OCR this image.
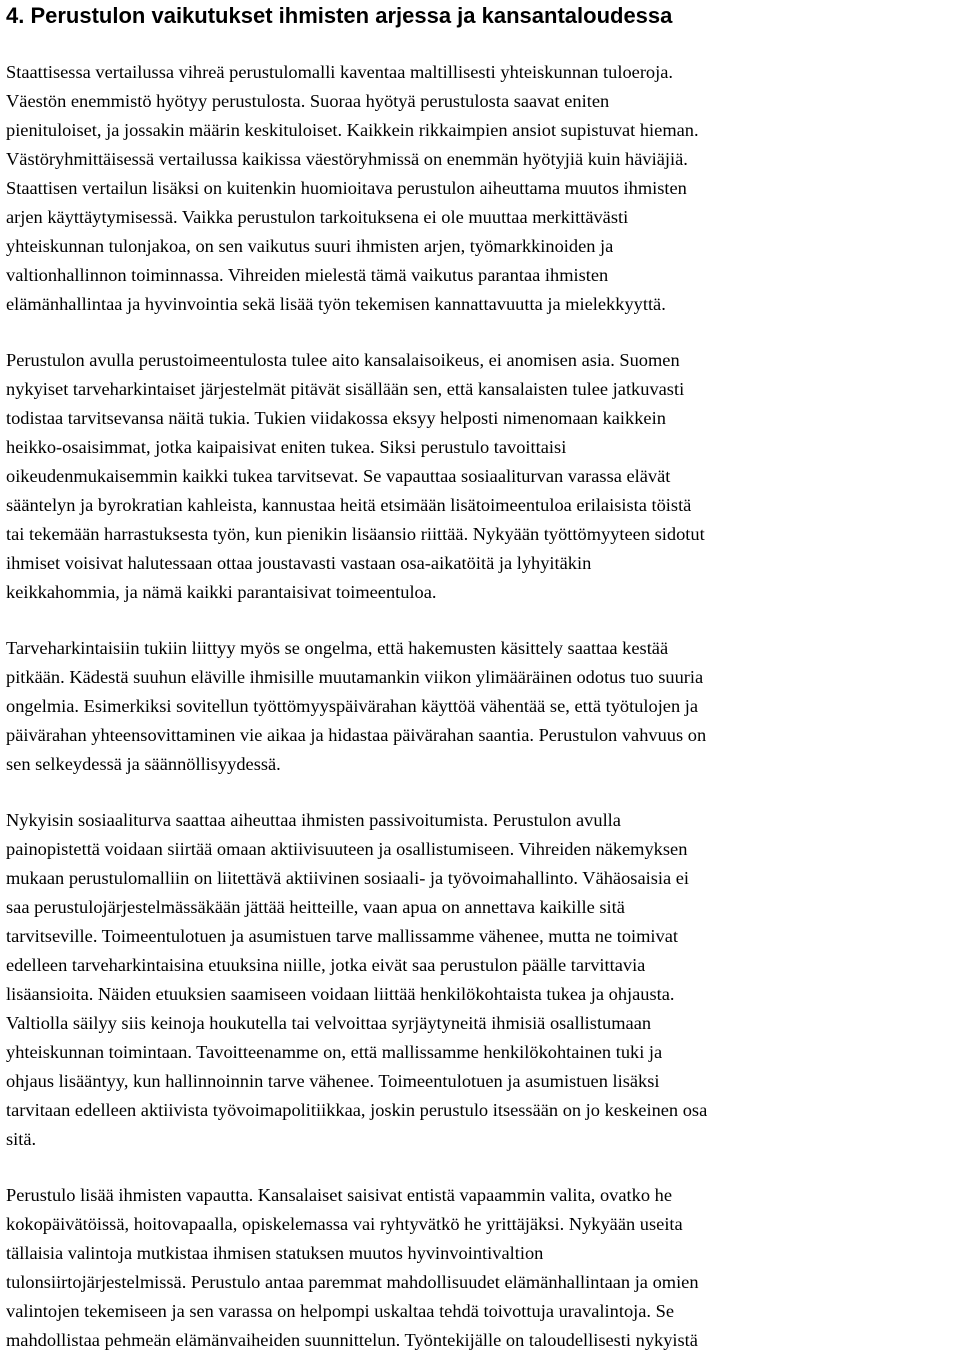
4. Perustulon vaikutukset ihmisten arjessa ja kansantaloudessa
Staattisessa vertailussa vihreä perustulomalli kaventaa maltillisesti yhteiskunnan tuloeroja.
Väestön enemmistö hyötyy perustulosta. Suoraa hyötyä perustulosta saavat eniten
pienituloiset, ja jossakin määrin keskituloiset. Kaikkein rikkaimpien ansiot supistuvat hieman.
Västöryhmittäisessä vertailussa kaikissa väestöryhmissä on enemmän hyötyjiä kuin häviäjiä.
Staattisen vertailun lisäksi on kuitenkin huomioitava perustulon aiheuttama muutos ihmisten
arjen käyttäytymisessä. Vaikka perustulon tarkoituksena ei ole muuttaa merkittävästi
yhteiskunnan tulonjakoa, on sen vaikutus suuri ihmisten arjen, työmarkkinoiden ja
valtionhallinnon toiminnassa. Vihreiden mielestä tämä vaikutus parantaa ihmisten
elämänhallintaa ja hyvinvointia sekä lisää työn tekemisen kannattavuutta ja mielekkyyttä.
Perustulon avulla perustoimeentulosta tulee aito kansalaisoikeus, ei anomisen asia. Suomen
nykyiset tarveharkintaiset järjestelmät pitävät sisällään sen, että kansalaisten tulee jatkuvasti
todistaa tarvitsevansa näitä tukia. Tukien viidakossa eksyy helposti nimenomaan kaikkein
heikko-osaisimmat, jotka kaipaisivat eniten tukea. Siksi perustulo tavoittaisi
oikeudenmukaisemmin kaikki tukea tarvitsevat. Se vapauttaa sosiaaliturvan varassa elävät
sääntelyn ja byrokratian kahleista, kannustaa heitä etsimään lisätoimeentuloa erilaisista töistä
tai tekemään harrastuksesta työn, kun pienikin lisäansio riittää. Nykyään työttömyyteen sidotut
ihmiset voisivat halutessaan ottaa joustavasti vastaan osa-aikatöitä ja lyhyitäkin
keikkahommia, ja nämä kaikki parantaisivat toimeentuloa.
Tarveharkintaisiin tukiin liittyy myös se ongelma, että hakemusten käsittely saattaa kestää
pitkään. Kädestä suuhun eläville ihmisille muutamankin viikon ylimääräinen odotus tuo suuria
ongelmia. Esimerkiksi sovitellun työttömyyspäivärahan käyttöä vähentää se, että työtulojen ja
päivärahan yhteensovittaminen vie aikaa ja hidastaa päivärahan saantia. Perustulon vahvuus on
sen selkeydessä ja säännöllisyydessä.
Nykyisin sosiaaliturva saattaa aiheuttaa ihmisten passivoitumista. Perustulon avulla
painopistettä voidaan siirtää omaan aktiivisuuteen ja osallistumiseen. Vihreiden näkemyksen
mukaan perustulomalliin on liitettävä aktiivinen sosiaali- ja työvoimahallinto. Vähäosaisia ei
saa perustulojärjestelmässäkään jättää heitteille, vaan apua on annettava kaikille sitä
tarvitseville. Toimeentulotuen ja asumistuen tarve mallissamme vähenee, mutta ne toimivat
edelleen tarveharkintaisina etuuksina niille, jotka eivät saa perustulon päälle tarvittavia
lisäansioita. Näiden etuuksien saamiseen voidaan liittää henkilökohtaista tukea ja ohjausta.
Valtiolla säilyy siis keinoja houkutella tai velvoittaa syrjäytyneitä ihmisiä osallistumaan
yhteiskunnan toimintaan. Tavoitteenamme on, että mallissamme henkilökohtainen tuki ja
ohjaus lisääntyy, kun hallinnoinnin tarve vähenee. Toimeentulotuen ja asumistuen lisäksi
tarvitaan edelleen aktiivista työvoimapolitiikkaa, joskin perustulo itsessään on jo keskeinen osa
sitä.
Perustulo lisää ihmisten vapautta. Kansalaiset saisivat entistä vapaammin valita, ovatko he
kokopäivätöissä, hoitovapaalla, opiskelemassa vai ryhtyvätkö he yrittäjäksi. Nykyään useita
tällaisia valintoja mutkistaa ihmisen statuksen muutos hyvinvointivaltion
tulonsiirtojärjestelmissä. Perustulo antaa paremmat mahdollisuudet elämänhallintaan ja omien
valintojen tekemiseen ja sen varassa on helpompi uskaltaa tehdä toivottuja uravalintoja. Se
mahdollistaa pehmeän elämänvaiheiden suunnittelun. Työntekijälle on taloudellisesti nykyistä
